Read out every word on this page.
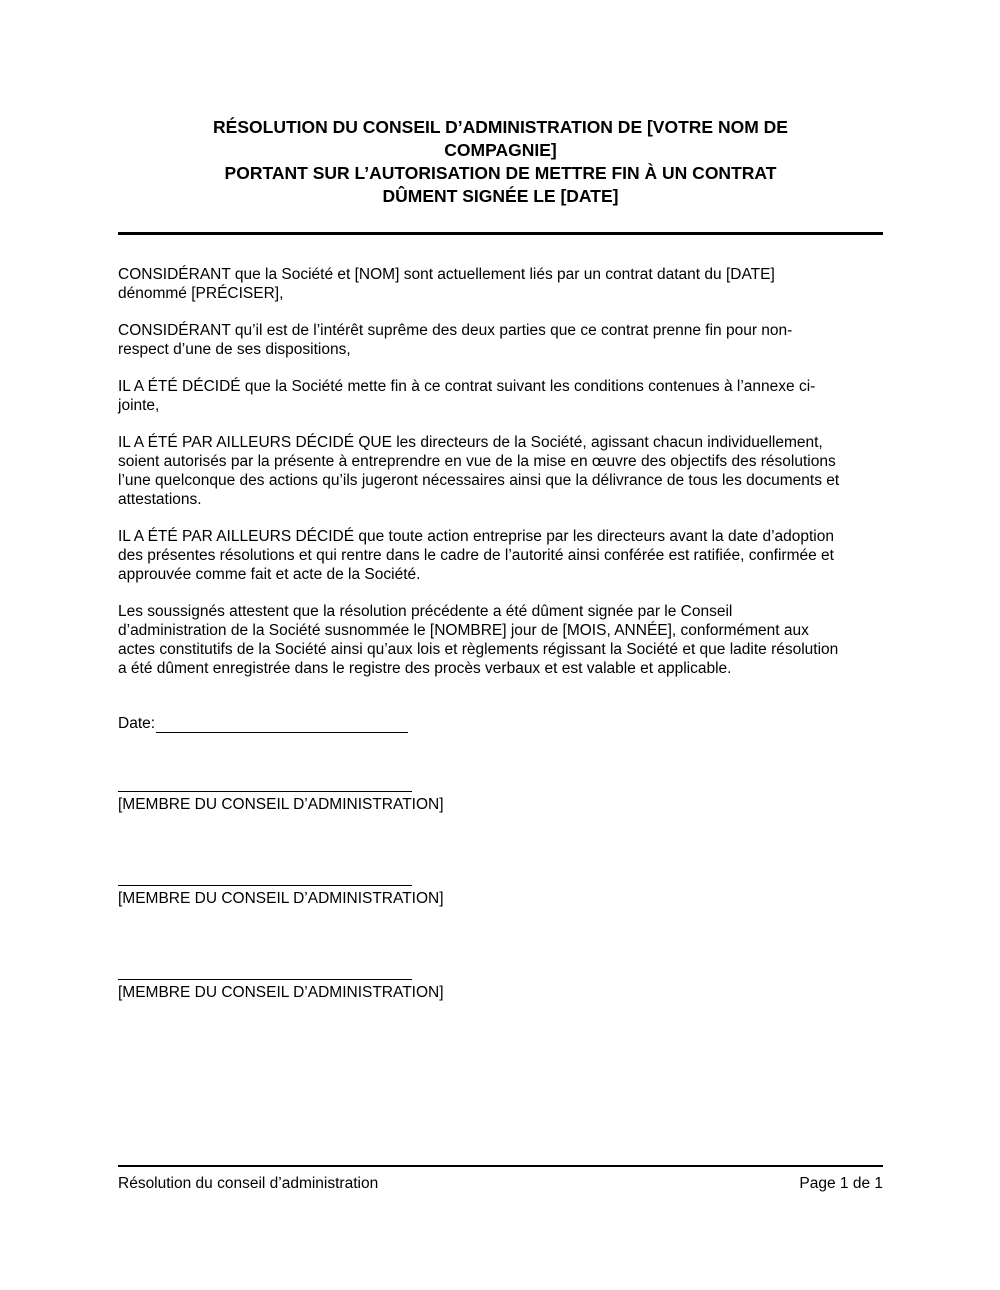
RÉSOLUTION DU CONSEIL D’ADMINISTRATION DE [VOTRE NOM DE
COMPAGNIE]
PORTANT SUR L’AUTORISATION DE METTRE FIN À UN CONTRAT
DÛMENT SIGNÉE LE [DATE]
CONSIDÉRANT que la Société et [NOM] sont actuellement liés par un contrat datant du [DATE]
dénommé [PRÉCISER],
CONSIDÉRANT qu’il est de l’intérêt suprême des deux parties que ce contrat prenne fin pour non-
respect d’une de ses dispositions,
IL A ÉTÉ DÉCIDÉ que la Société mette fin à ce contrat suivant les conditions contenues à l’annexe ci-
jointe,
IL A ÉTÉ PAR AILLEURS DÉCIDÉ QUE les directeurs de la Société, agissant chacun individuellement,
soient autorisés par la présente à entreprendre en vue de la mise en œuvre des objectifs des résolutions
l’une quelconque des actions qu’ils jugeront nécessaires ainsi que la délivrance de tous les documents et
attestations.
IL A ÉTÉ PAR AILLEURS DÉCIDÉ que toute action entreprise par les directeurs avant la date d’adoption
des présentes résolutions et qui rentre dans le cadre de l’autorité ainsi conférée est ratifiée, confirmée et
approuvée comme fait et acte de la Société.
Les soussignés attestent que la résolution précédente a été dûment signée par le Conseil
d’administration de la Société susnommée le [NOMBRE] jour de [MOIS, ANNÉE], conformément aux
actes constitutifs de la Société ainsi qu’aux lois et règlements régissant la Société et que ladite résolution
a été dûment enregistrée dans le registre des procès verbaux et est valable et applicable.
Date:
[MEMBRE DU CONSEIL D’ADMINISTRATION]
[MEMBRE DU CONSEIL D’ADMINISTRATION]
[MEMBRE DU CONSEIL D’ADMINISTRATION]
Résolution du conseil d’administration	Page 1 de 1
